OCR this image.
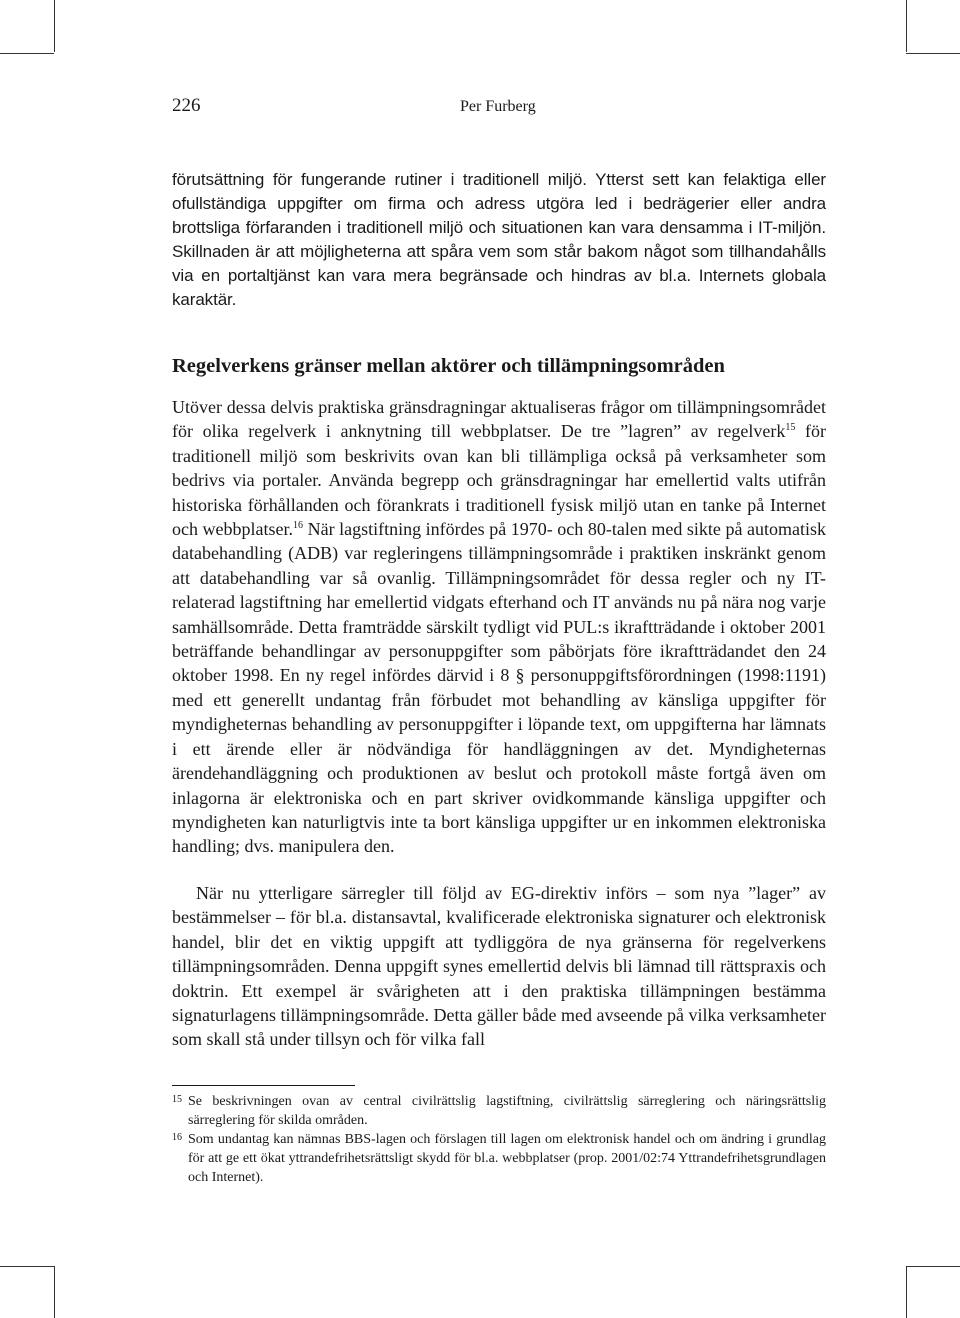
226	Per Furberg

förutsättning för fungerande rutiner i traditionell miljö. Ytterst sett kan felaktiga eller ofullständiga uppgifter om firma och adress utgöra led i bedrägerier eller andra brottsliga förfaranden i traditionell miljö och situationen kan vara densamma i IT-miljön. Skillnaden är att möjligheterna att spåra vem som står bakom något som tillhandahålls via en portaltjänst kan vara mera begränsade och hindras av bl.a. Internets globala karaktär.

Regelverkens gränser mellan aktörer och tillämpningsområden

Utöver dessa delvis praktiska gränsdragningar aktualiseras frågor om tillämpningsområdet för olika regelverk i anknytning till webbplatser. De tre ”lagren” av regelverk$^{15}$ för traditionell miljö som beskrivits ovan kan bli tillämpliga också på verksamheter som bedrivs via portaler. Använda begrepp och gränsdragningar har emellertid valts utifrån historiska förhållanden och förankrats i traditionell fysisk miljö utan en tanke på Internet och webbplatser.$^{16}$ När lagstiftning infördes på 1970- och 80-talen med sikte på automatisk databehandling (ADB) var regleringens tillämpningsområde i praktiken inskränkt genom att databehandling var så ovanlig. Tillämpningsområdet för dessa regler och ny IT-relaterad lagstiftning har emellertid vidgats efterhand och IT används nu på nära nog varje samhällsområde. Detta framträdde särskilt tydligt vid PUL:s ikraftträdande i oktober 2001 beträffande behandlingar av personuppgifter som påbörjats före ikraftträdandet den 24 oktober 1998. En ny regel infördes därvid i 8 § personuppgiftsförordningen (1998:1191) med ett generellt undantag från förbudet mot behandling av känsliga uppgifter för myndigheternas behandling av personuppgifter i löpande text, om uppgifterna har lämnats i ett ärende eller är nödvändiga för handläggningen av det. Myndigheternas ärendehandläggning och produktionen av beslut och protokoll måste fortgå även om inlagorna är elektroniska och en part skriver ovidkommande känsliga uppgifter och myndigheten kan naturligtvis inte ta bort känsliga uppgifter ur en inkommen elektroniska handling; dvs. manipulera den.

När nu ytterligare särregler till följd av EG-direktiv införs – som nya ”lager” av bestämmelser – för bl.a. distansavtal, kvalificerade elektroniska signaturer och elektronisk handel, blir det en viktig uppgift att tydliggöra de nya gränserna för regelverkens tillämpningsområden. Denna uppgift synes emellertid delvis bli lämnad till rättspraxis och doktrin. Ett exempel är svårigheten att i den praktiska tillämpningen bestämma signaturlagens tillämpningsområde. Detta gäller både med avseende på vilka verksamheter som skall stå under tillsyn och för vilka fall

15 Se beskrivningen ovan av central civilrättslig lagstiftning, civilrättslig särreglering och näringsrättslig särreglering för skilda områden.
16 Som undantag kan nämnas BBS-lagen och förslagen till lagen om elektronisk handel och om ändring i grundlag för att ge ett ökat yttrandefrihetsrättsligt skydd för bl.a. webbplatser (prop. 2001/02:74 Yttrandefrihetsgrundlagen och Internet).
